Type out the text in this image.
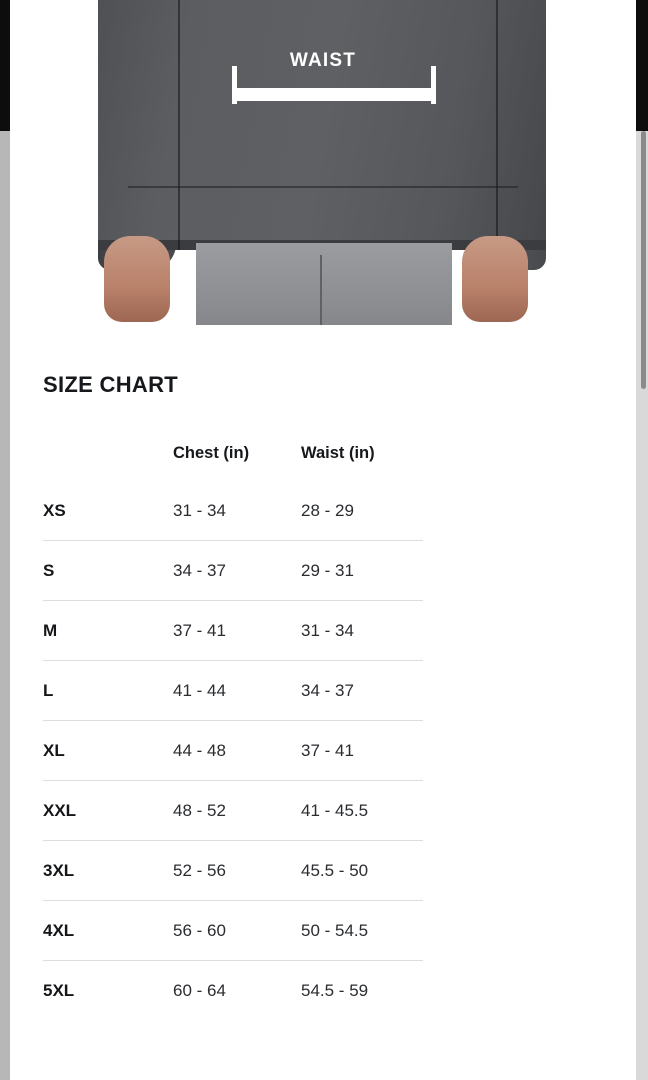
WAIST
SIZE CHART
	Chest (in)	Waist (in)
XS	31 - 34	28 - 29
S	34 - 37	29 - 31
M	37 - 41	31 - 34
L	41 - 44	34 - 37
XL	44 - 48	37 - 41
XXL	48 - 52	41 - 45.5
3XL	52 - 56	45.5 - 50
4XL	56 - 60	50 - 54.5
5XL	60 - 64	54.5 - 59
